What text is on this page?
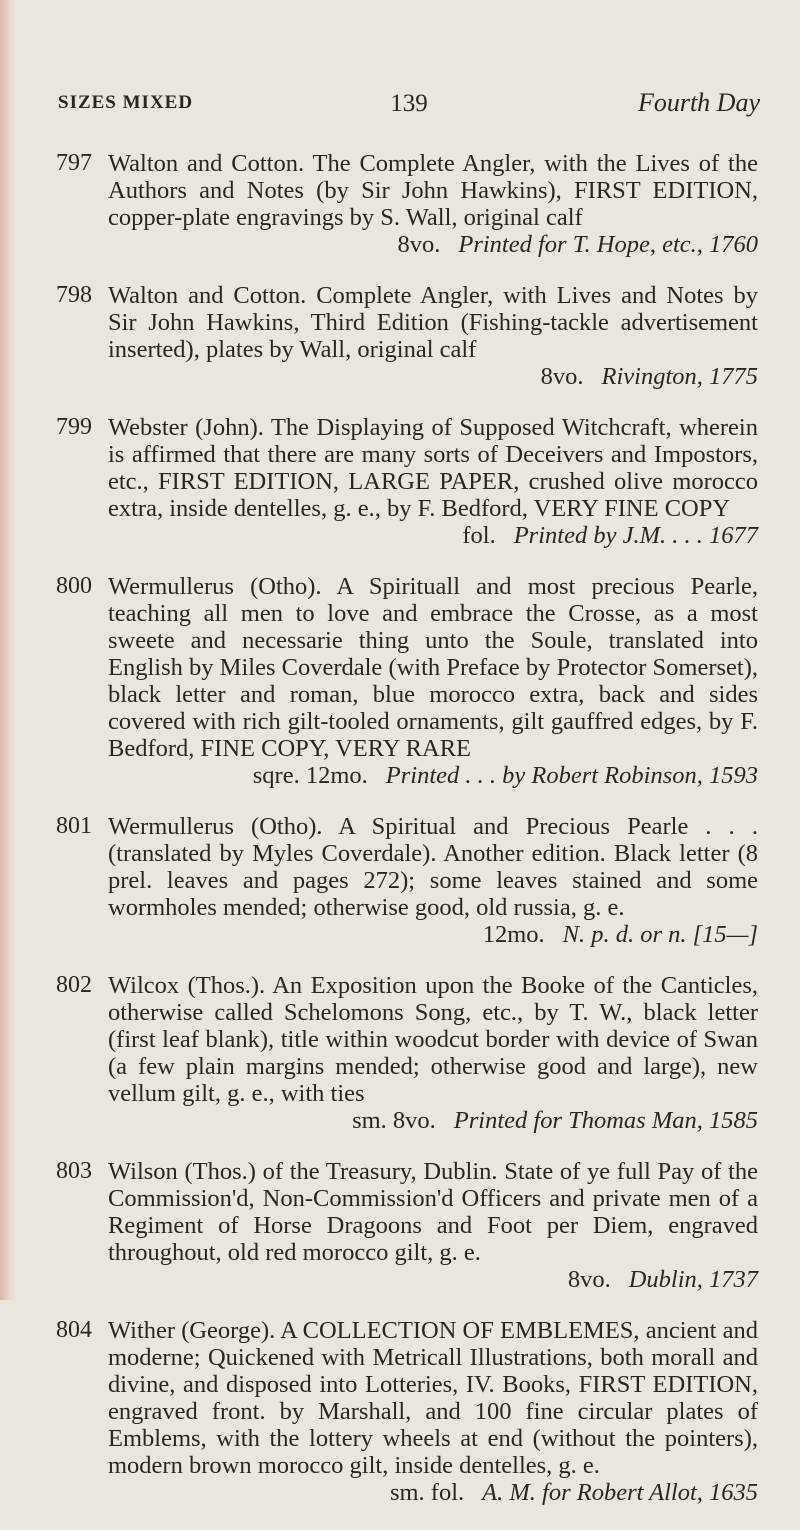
SIZES MIXED	139	Fourth Day
797 Walton and Cotton. The Complete Angler, with the Lives of the Authors and Notes (by Sir John Hawkins), FIRST EDITION, copper-plate engravings by S. Wall, original calf
8vo. Printed for T. Hope, etc., 1760
798 Walton and Cotton. Complete Angler, with Lives and Notes by Sir John Hawkins, Third Edition (Fishing-tackle advertisement inserted), plates by Wall, original calf
8vo. Rivington, 1775
799 Webster (John). The Displaying of Supposed Witchcraft, wherein is affirmed that there are many sorts of Deceivers and Impostors, etc., FIRST EDITION, LARGE PAPER, crushed olive morocco extra, inside dentelles, g. e., by F. Bedford, VERY FINE COPY
fol. Printed by J.M. . . . 1677
800 Wermullerus (Otho). A Spirituall and most precious Pearle, teaching all men to love and embrace the Crosse, as a most sweete and necessarie thing unto the Soule, translated into English by Miles Coverdale (with Preface by Protector Somerset), black letter and roman, blue morocco extra, back and sides covered with rich gilt-tooled ornaments, gilt gauffred edges, by F. Bedford, FINE COPY, VERY RARE
sqre. 12mo. Printed . . . by Robert Robinson, 1593
801 Wermullerus (Otho). A Spiritual and Precious Pearle . . . (translated by Myles Coverdale). Another edition. Black letter (8 prel. leaves and pages 272); some leaves stained and some wormholes mended; otherwise good, old russia, g. e.
12mo. N. p. d. or n. [15—]
802 Wilcox (Thos.). An Exposition upon the Booke of the Canticles, otherwise called Schelomons Song, etc., by T. W., black letter (first leaf blank), title within woodcut border with device of Swan (a few plain margins mended; otherwise good and large), new vellum gilt, g. e., with ties
sm. 8vo. Printed for Thomas Man, 1585
803 Wilson (Thos.) of the Treasury, Dublin. State of ye full Pay of the Commission'd, Non-Commission'd Officers and private men of a Regiment of Horse Dragoons and Foot per Diem, engraved throughout, old red morocco gilt, g. e.
8vo. Dublin, 1737
804 Wither (George). A COLLECTION OF EMBLEMES, ancient and moderne; Quickened with Metricall Illustrations, both morall and divine, and disposed into Lotteries, IV. Books, FIRST EDITION, engraved front. by Marshall, and 100 fine circular plates of Emblems, with the lottery wheels at end (without the pointers), modern brown morocco gilt, inside dentelles, g. e.
sm. fol. A. M. for Robert Allot, 1635
